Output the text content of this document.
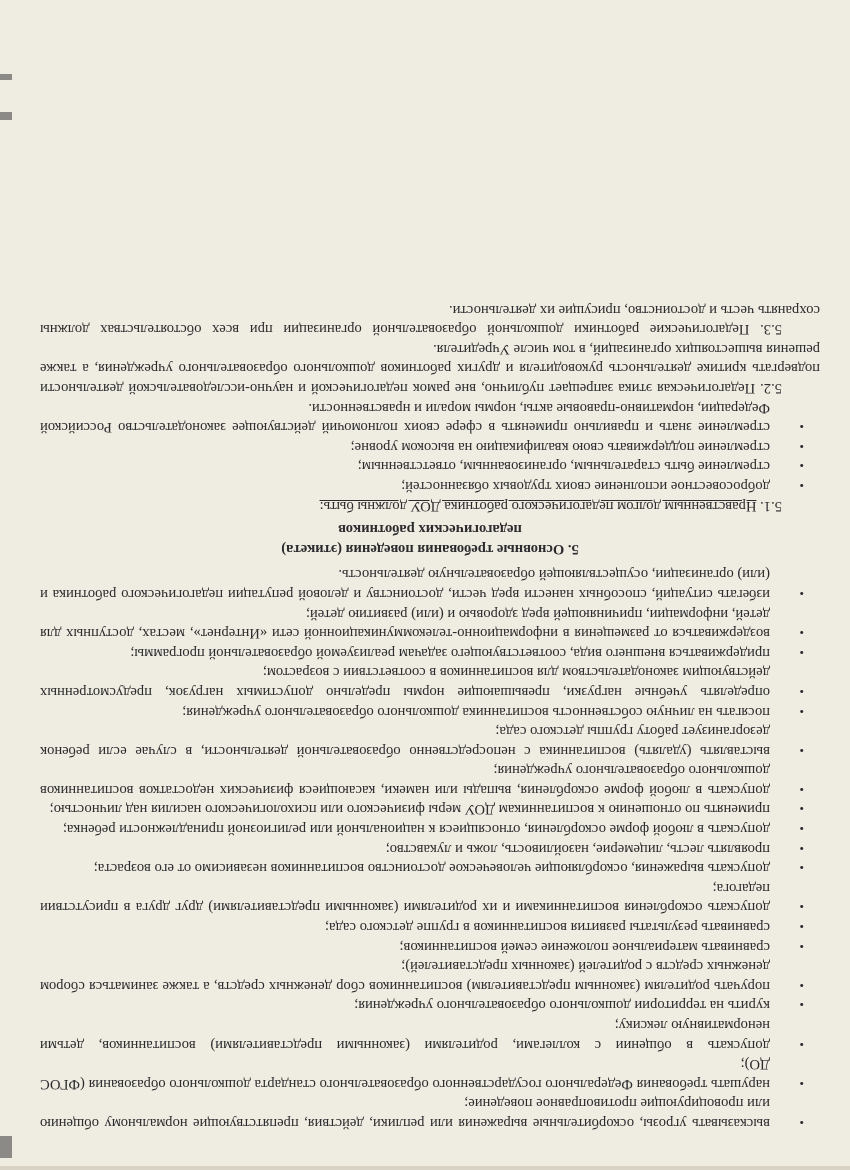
•
высказывать угрозы, оскорбительные выражения или реплики, действия, препятствующие нормальному общению или провоцирующие противоправное поведение;
•
нарушать требования Федерального государственного образовательного стандарта дошкольного образования (ФГОС ДО);
•
допускать в общении с коллегами, родителями (законными представителями) воспитанников, детьми ненормативную лексику;
•
курить на территории дошкольного образовательного учреждения;
•
поручать родителям (законным представителям) воспитанников сбор денежных средств, а также заниматься сбором денежных средств с родителей (законных представителей);
•
сравнивать материальное положение семей воспитанников;
•
сравнивать результаты развития воспитанников в группе детского сада;
•
допускать оскорбления воспитанниками и их родителями (законными представителями) друг друга в присутствии педагога;
•
допускать выражения, оскорбляющие человеческое достоинство воспитанников независимо от его возраста;
•
проявлять лесть, лицемерие, назойливость, ложь и лукавство;
•
допускать в любой форме оскорбления, относящиеся к национальной или религиозной принадлежности ребенка;
•
применять по отношению к воспитанникам ДОУ меры физического или психологического насилия над личностью;
•
допускать в любой форме оскорбления, выпады или намеки, касающиеся физических недостатков воспитанников дошкольного образовательного учреждения;
•
выставлять (удалять) воспитанника с непосредственно образовательной деятельности, в случае если ребенок дезорганизует работу группы детского сада;
•
посягать на личную собственность воспитанника дошкольного образовательного учреждения;
•
определять учебные нагрузки, превышающие нормы предельно допустимых нагрузок, предусмотренных действующим законодательством для воспитанников в соответствии с возрастом;
•
придерживаться внешнего вида, соответствующего задачам реализуемой образовательной программы;
•
воздерживаться от размещения в информационно-телекоммуникационной сети «Интернет», местах, доступных для детей, информации, причиняющей вред здоровью и (или) развитию детей;
•
избегать ситуаций, способных нанести вред чести, достоинству и деловой репутации педагогического работника и (или) организации, осуществляющей образовательную деятельность.
5. Основные требования поведения (этикета)
педагогических работников

5.1. Нравственным долгом педагогического работника ДОУ должны быть:

•
добросовестное исполнение своих трудовых обязанностей;
•
стремление быть старательным, организованным, ответственным;
•
стремление поддерживать свою квалификацию на высоком уровне;
•
стремление знать и правильно применять в сфере своих полномочий действующее законодательство Российской Федерации, нормативно-правовые акты, нормы морали и нравственности.

5.2. Педагогическая этика запрещает публично, вне рамок педагогической и научно-исследовательской деятельности подвергать критике деятельность руководителя и других работников дошкольного образовательного учреждения, а также решения вышестоящих организаций, в том числе Учредителя.

5.3. Педагогические работники дошкольной образовательной организации при всех обстоятельствах должны сохранять честь и достоинство, присущие их деятельности.
